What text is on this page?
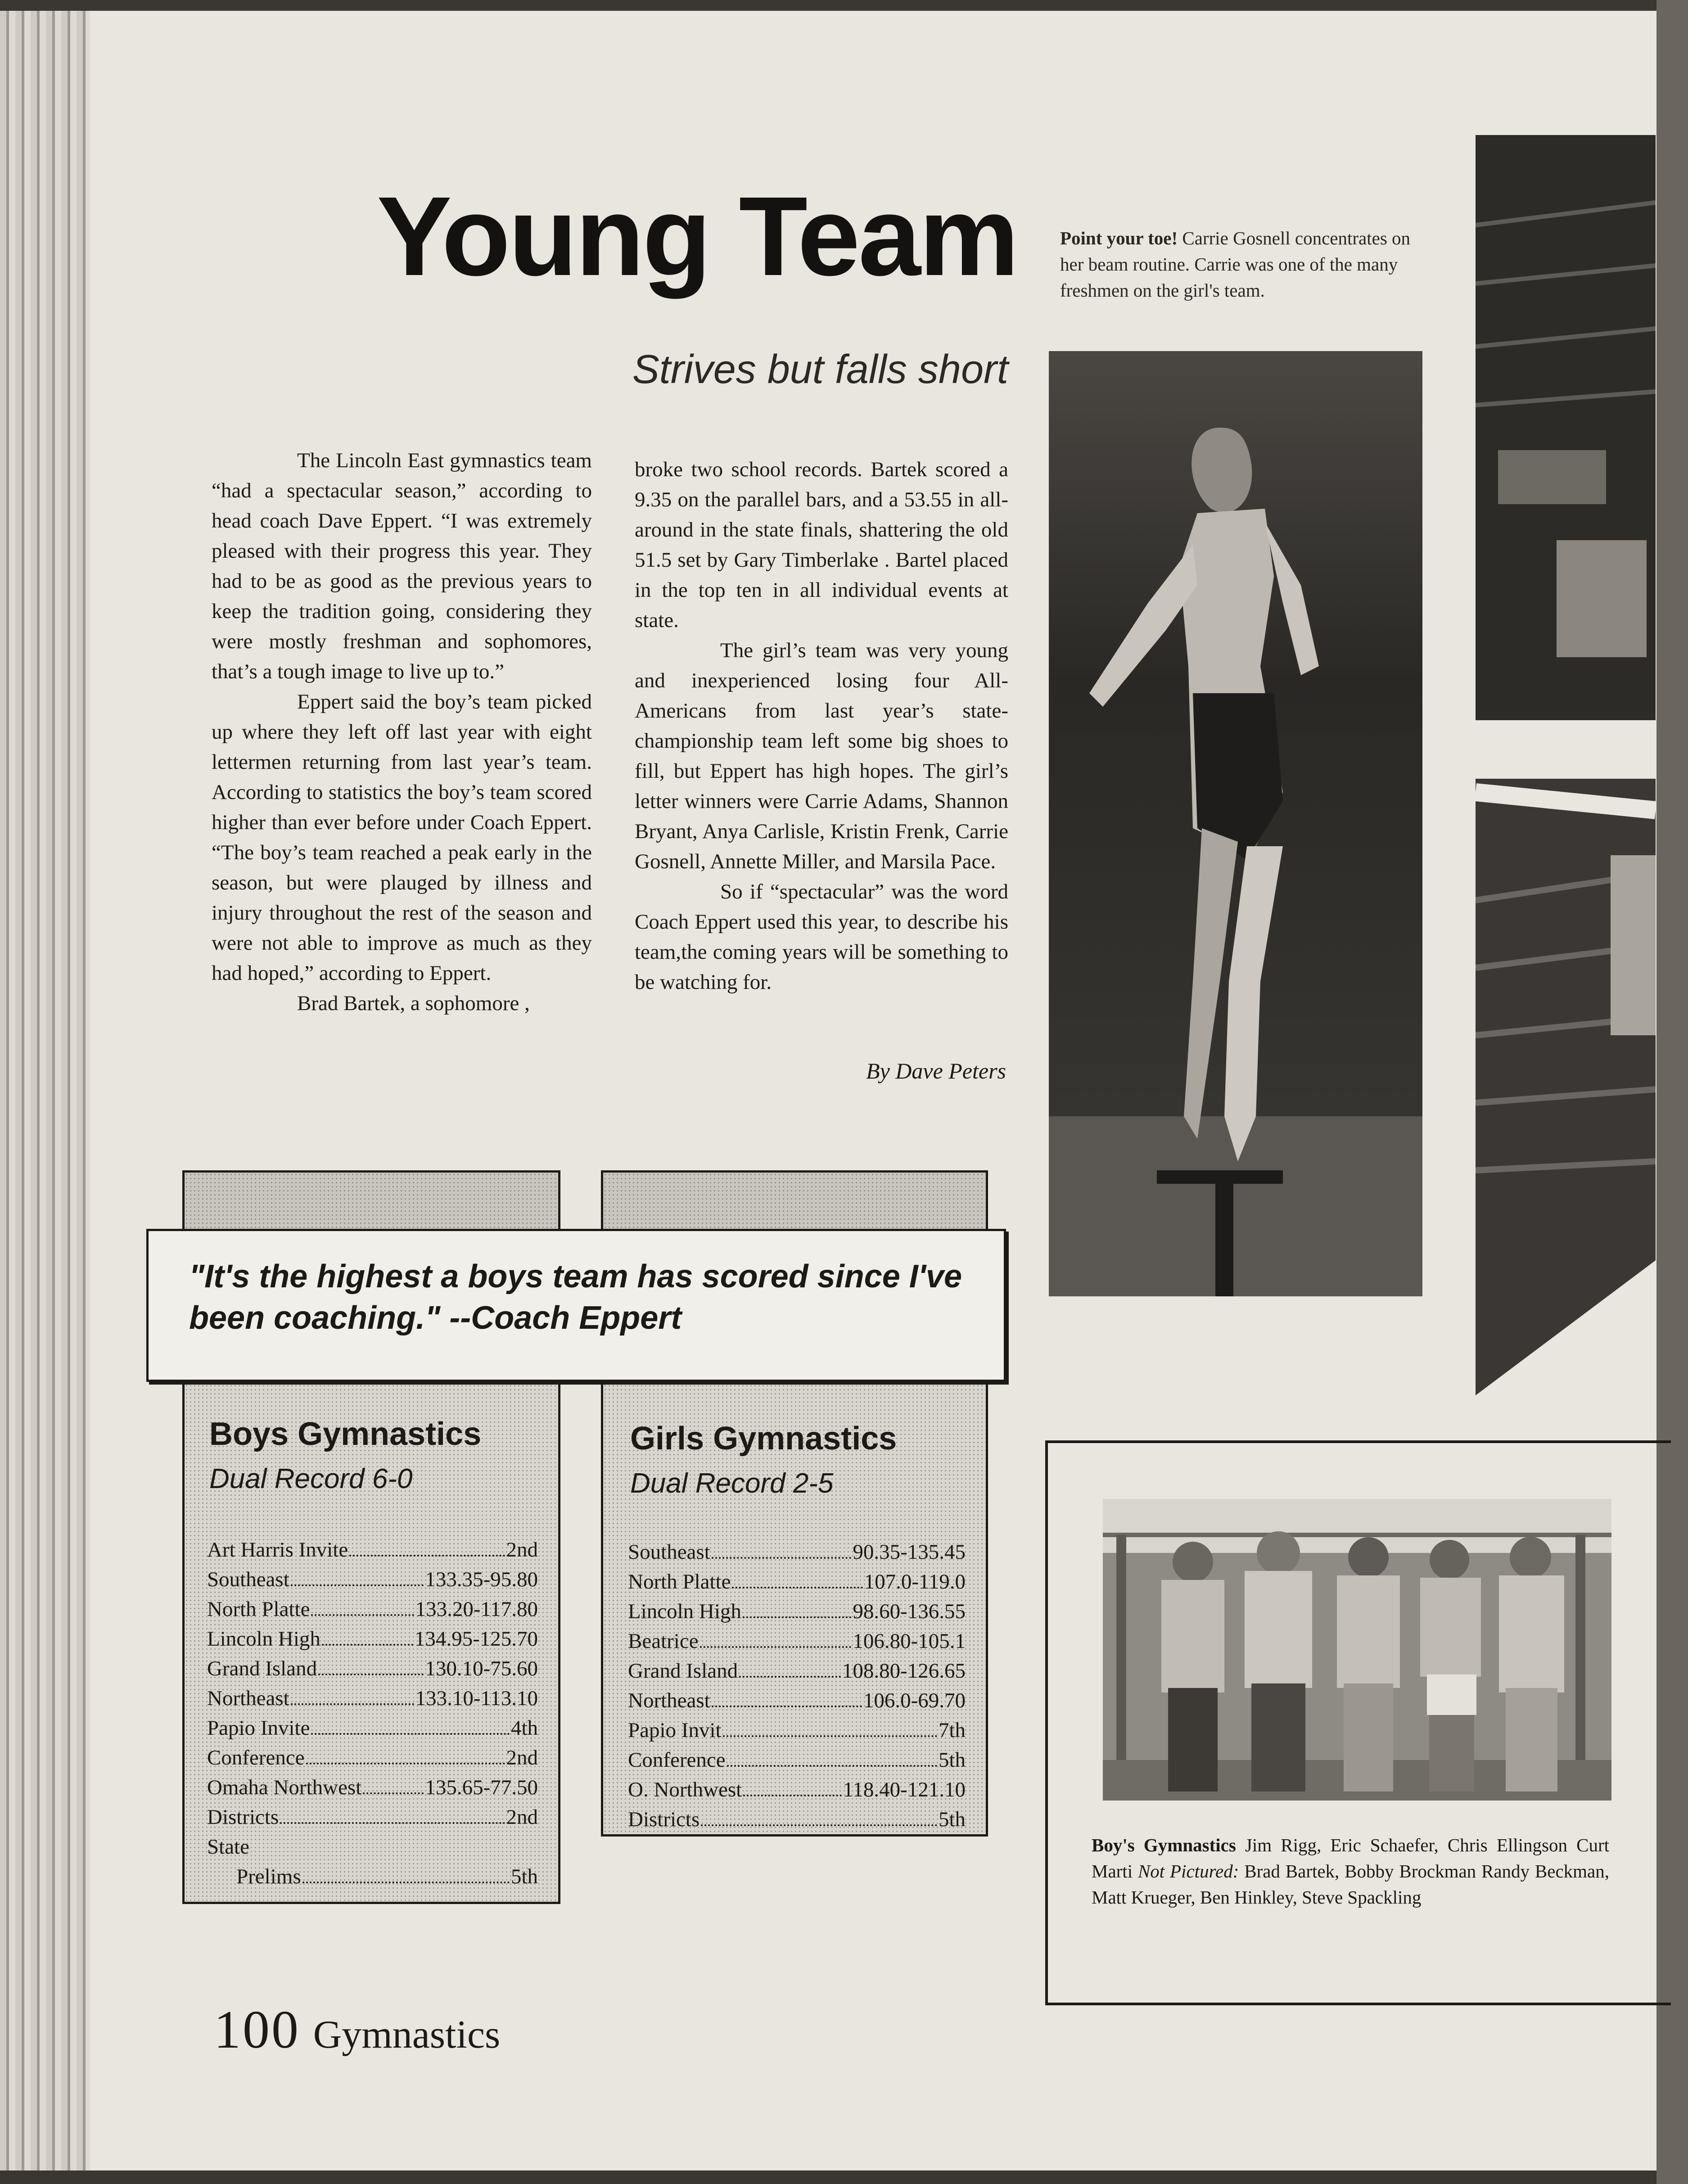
Young Team
Strives but falls short

The Lincoln East gymnastics team “had a spectacular season,” according to head coach Dave Eppert. “I was extremely pleased with their progress this year. They had to be as good as the previous years to keep the tradition going, considering they were mostly freshman and sophomores, that’s a tough image to live up to.”

Eppert said the boy’s team picked up where they left off last year with eight lettermen returning from last year’s team. According to statistics the boy’s team scored higher than ever before under Coach Eppert. “The boy’s team reached a peak early in the season, but were plauged by illness and injury throughout the rest of the season and were not able to improve as much as they had hoped,” according to Eppert.

Brad Bartek, a sophomore ,

broke two school records. Bartek scored a 9.35 on the parallel bars, and a 53.55 in all-around in the state finals, shattering the old 51.5 set by Gary Timberlake . Bartel placed in the top ten in all individual events at state.

The girl’s team was very young and inexperienced losing four All-Americans from last year’s state-championship team left some big shoes to fill, but Eppert has high hopes. The girl’s letter winners were Carrie Adams, Shannon Bryant, Anya Carlisle, Kristin Frenk, Carrie Gosnell, Annette Miller, and Marsila Pace.

So if “spectacular” was the word Coach Eppert used this year, to describe his team,the coming years will be something to be watching for.

By Dave Peters
Point your toe! Carrie Gosnell concentrates on her beam routine. Carrie was one of the many freshmen on the girl's team.
Boy's Gymnastics Jim Rigg, Eric Schaefer, Chris Ellingson Curt Marti Not Pictured: Brad Bartek, Bobby Brockman Randy Beckman, Matt Krueger, Ben Hinkley, Steve Spackling
Boys Gymnastics
Dual Record 6-0
Art Harris Invite	2nd
Southeast	133.35-95.80
North Platte	133.20-117.80
Lincoln High	134.95-125.70
Grand Island	130.10-75.60
Northeast	133.10-113.10
Papio Invite	4th
Conference	2nd
Omaha Northwest	135.65-77.50
Districts	2nd
State
Prelims	5th
Girls Gymnastics
Dual Record 2-5
Southeast	90.35-135.45
North Platte	107.0-119.0
Lincoln High	98.60-136.55
Beatrice	106.80-105.1
Grand Island	108.80-126.65
Northeast	106.0-69.70
Papio Invit	7th
Conference	5th
O. Northwest	118.40-121.10
Districts	5th
"It's the highest a boys team has scored since I've been coaching." --Coach Eppert
100 Gymnastics
